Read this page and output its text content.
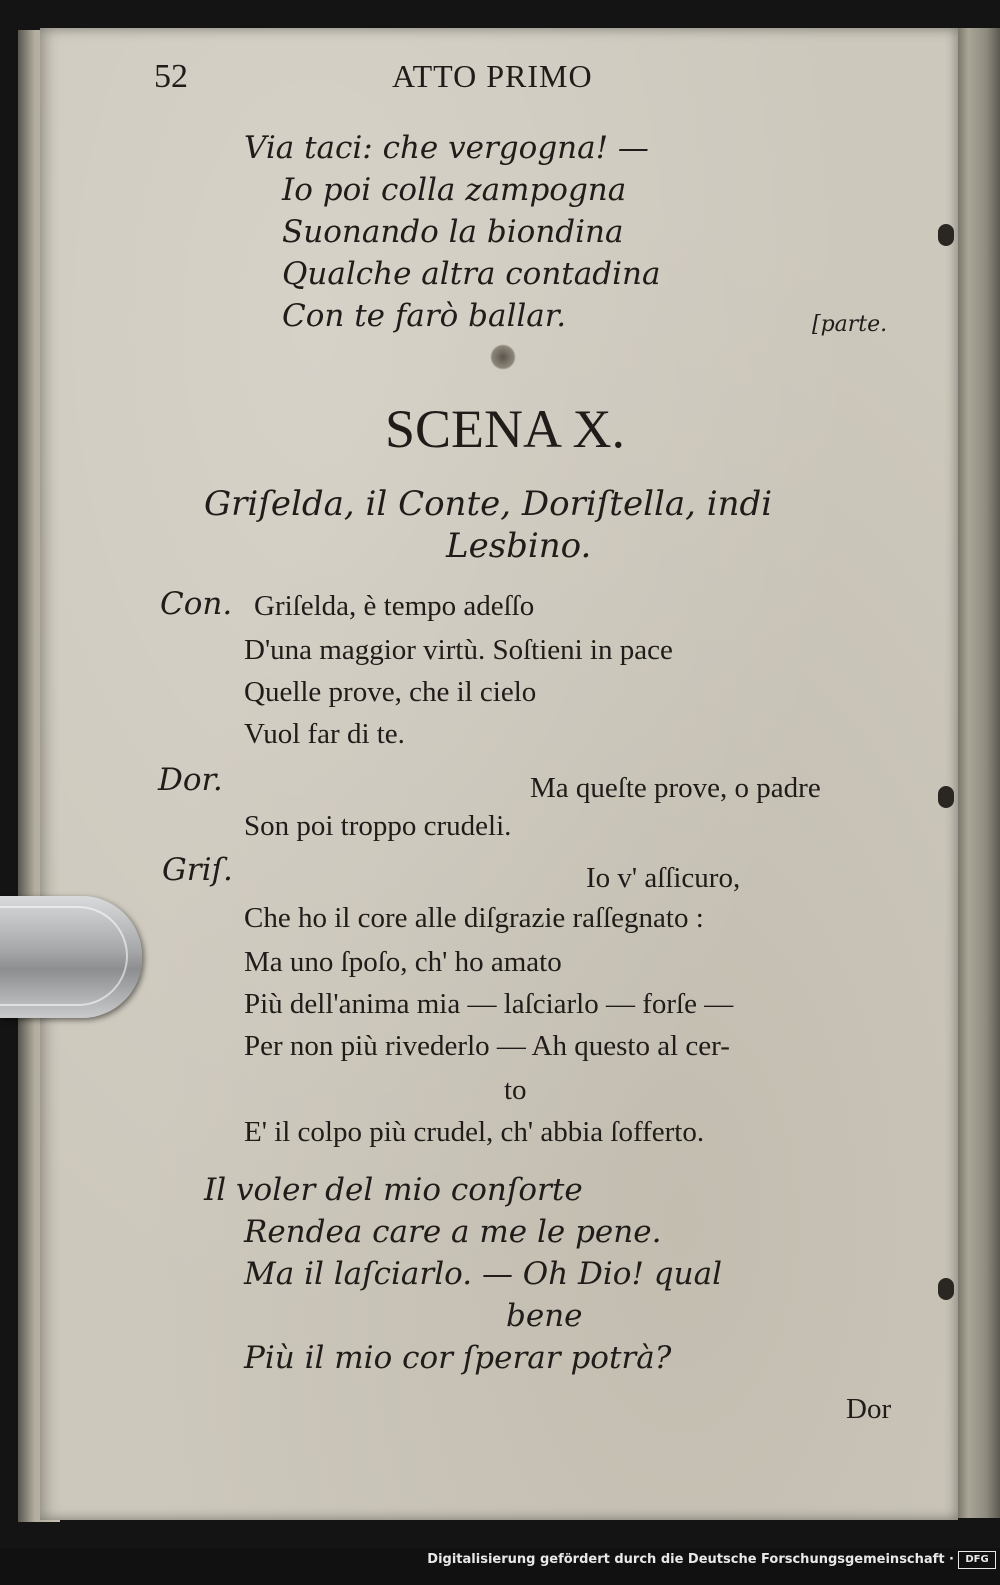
52	ATTO PRIMO
Via taci: che vergogna! —
Io poi colla zampogna
Suonando la biondina
Qualche altra contadina
Con te farò ballar.	[parte.
SCENA X.
Griſelda, il Conte, Doriſtella, indi
Lesbino.
Con. Griſelda, è tempo adeſſo
D'una maggior virtù. Soſtieni in pace
Quelle prove, che il cielo
Vuol far di te.
Dor.	Ma queſte prove, o padre
Son poi troppo crudeli.
Griſ.	Io v' aſſicuro,
Che ho il core alle diſgrazie raſſegnato :
Ma uno ſpoſo, ch' ho amato
Più dell'anima mia — laſciarlo — forſe —
Per non più rivederlo — Ah questo al cer-
to
E' il colpo più crudel, ch' abbia ſofferto.
Il voler del mio conſorte
Rendea care a me le pene.
Ma il laſciarlo. — Oh Dio! qual
bene
Più il mio cor ſperar potrà?
Dor
Digitalisierung gefördert durch die Deutsche Forschungsgemeinschaft ·	DFG
